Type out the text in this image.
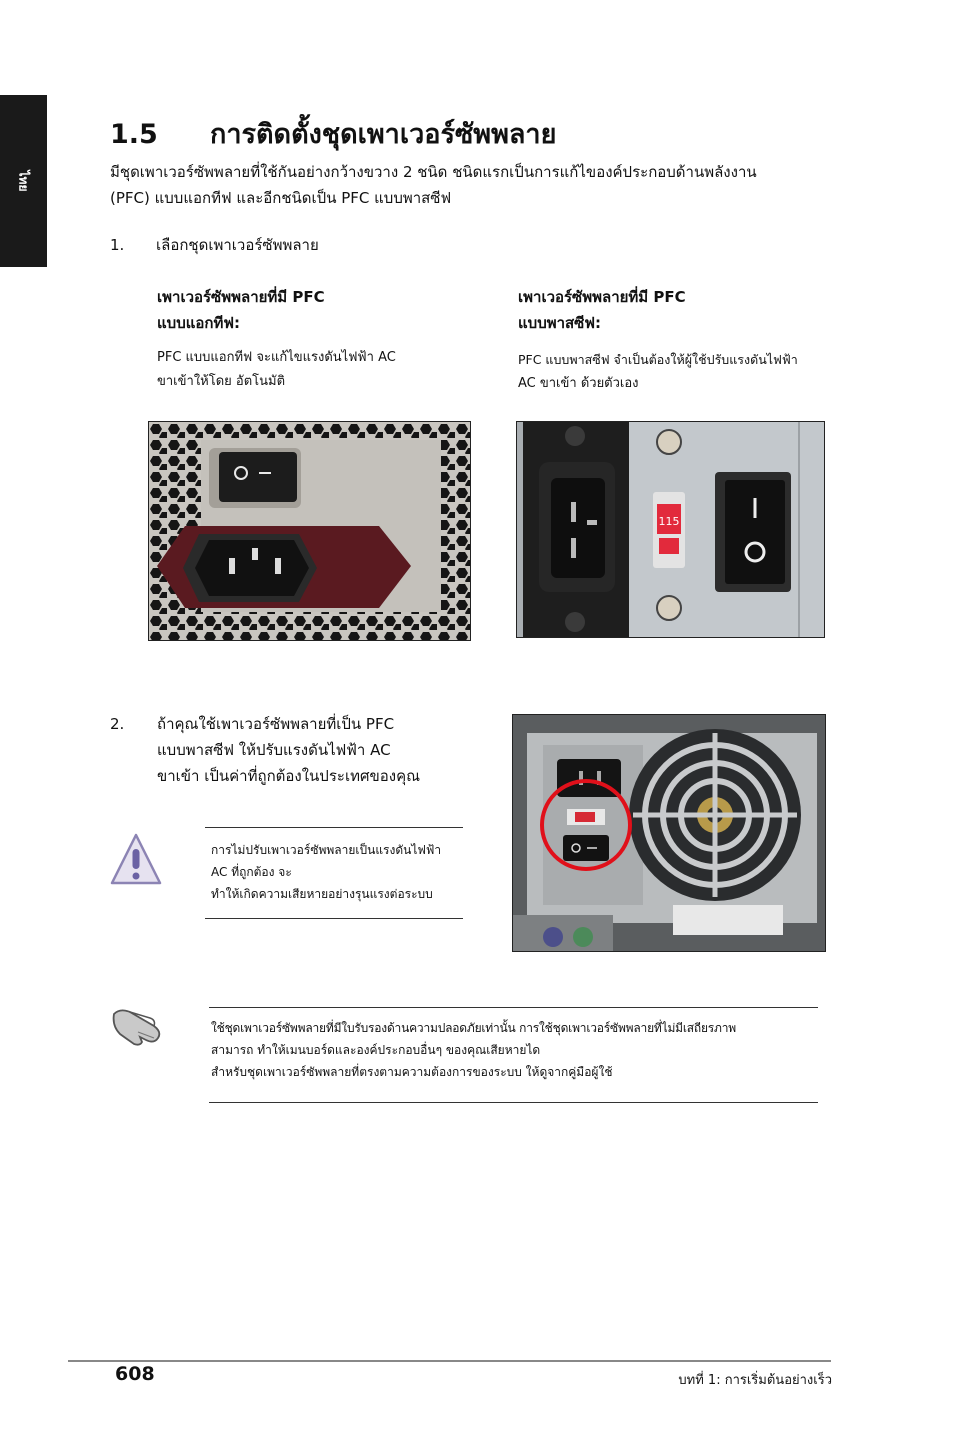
ไทย
1.5 การติดตั้งชุดเพาเวอร์ซัพพลาย
มีชุดเพาเวอร์ซัพพลายที่ใช้กันอย่างกว้างขวาง 2 ชนิด ชนิดแรกเป็นการแก้ไของค์ประกอบด้านพลังงาน
(PFC) แบบแอกทีฟ และอีกชนิดเป็น PFC แบบพาสซีฟ
1. เลือกชุดเพาเวอร์ซัพพลาย
เพาเวอร์ซัพพลายที่มี PFC
แบบแอกทีฟ:
PFC แบบแอกทีฟ จะแก้ไขแรงดันไฟฟ้า AC
ขาเข้าให้โดย อัตโนมัติ
เพาเวอร์ซัพพลายที่มี PFC
แบบพาสซีฟ:
PFC แบบพาสซีฟ จำเป็นต้องให้ผู้ใช้ปรับแรงดันไฟฟ้า
AC ขาเข้า ด้วยตัวเอง
115
2. ถ้าคุณใช้เพาเวอร์ซัพพลายที่เป็น PFC
แบบพาสซีฟ ให้ปรับแรงดันไฟฟ้า AC
ขาเข้า เป็นค่าที่ถูกต้องในประเทศของคุณ
การไม่ปรับเพาเวอร์ซัพพลายเป็นแรงดันไฟฟ้า
AC ที่ถูกต้อง จะ
ทำให้เกิดความเสียหายอย่างรุนแรงต่อระบบ
ใช้ชุดเพาเวอร์ซัพพลายที่มีใบรับรองด้านความปลอดภัยเท่านั้น การใช้ชุดเพาเวอร์ซัพพลายที่ไม่มีเสถียรภาพ
สามารถ ทำให้เมนบอร์ดและองค์ประกอบอื่นๆ ของคุณเสียหายได
สำหรับชุดเพาเวอร์ซัพพลายที่ตรงตามความต้องการของระบบ ให้ดูจากคู่มือผู้ใช้
608	บทที่ 1: การเริ่มต้นอย่างเร็ว
